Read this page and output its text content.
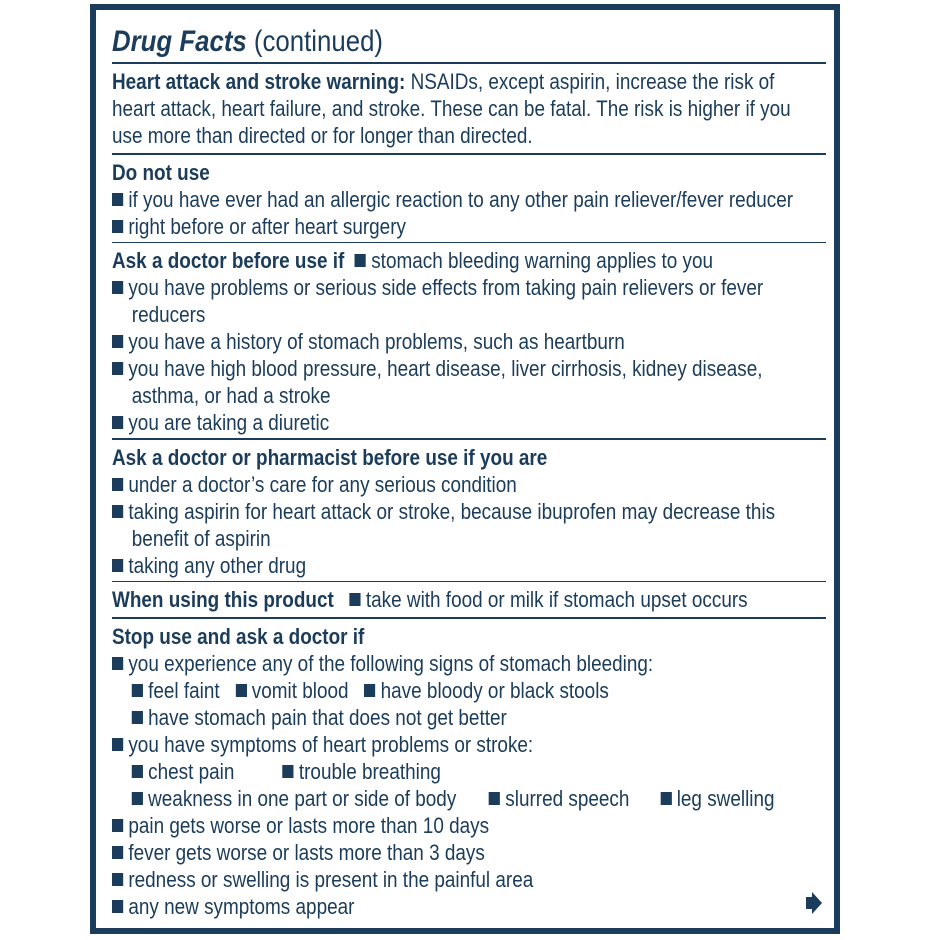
Drug Facts (continued)
Heart attack and stroke warning: NSAIDs, except aspirin, increase the risk of
heart attack, heart failure, and stroke. These can be fatal. The risk is higher if you
use more than directed or for longer than directed.
Do not use
if you have ever had an allergic reaction to any other pain reliever/fever reducer
right before or after heart surgery
Ask a doctor before use if stomach bleeding warning applies to you
you have problems or serious side effects from taking pain relievers or fever
reducers
you have a history of stomach problems, such as heartburn
you have high blood pressure, heart disease, liver cirrhosis, kidney disease,
asthma, or had a stroke
you are taking a diuretic
Ask a doctor or pharmacist before use if you are
under a doctor’s care for any serious condition
taking aspirin for heart attack or stroke, because ibuprofen may decrease this
benefit of aspirin
taking any other drug
When using this product take with food or milk if stomach upset occurs
Stop use and ask a doctor if
you experience any of the following signs of stomach bleeding:
feel faint vomit blood have bloody or black stools
have stomach pain that does not get better
you have symptoms of heart problems or stroke:
chest pain	trouble breathing
weakness in one part or side of body slurred speech leg swelling
pain gets worse or lasts more than 10 days
fever gets worse or lasts more than 3 days
redness or swelling is present in the painful area
any new symptoms appear
